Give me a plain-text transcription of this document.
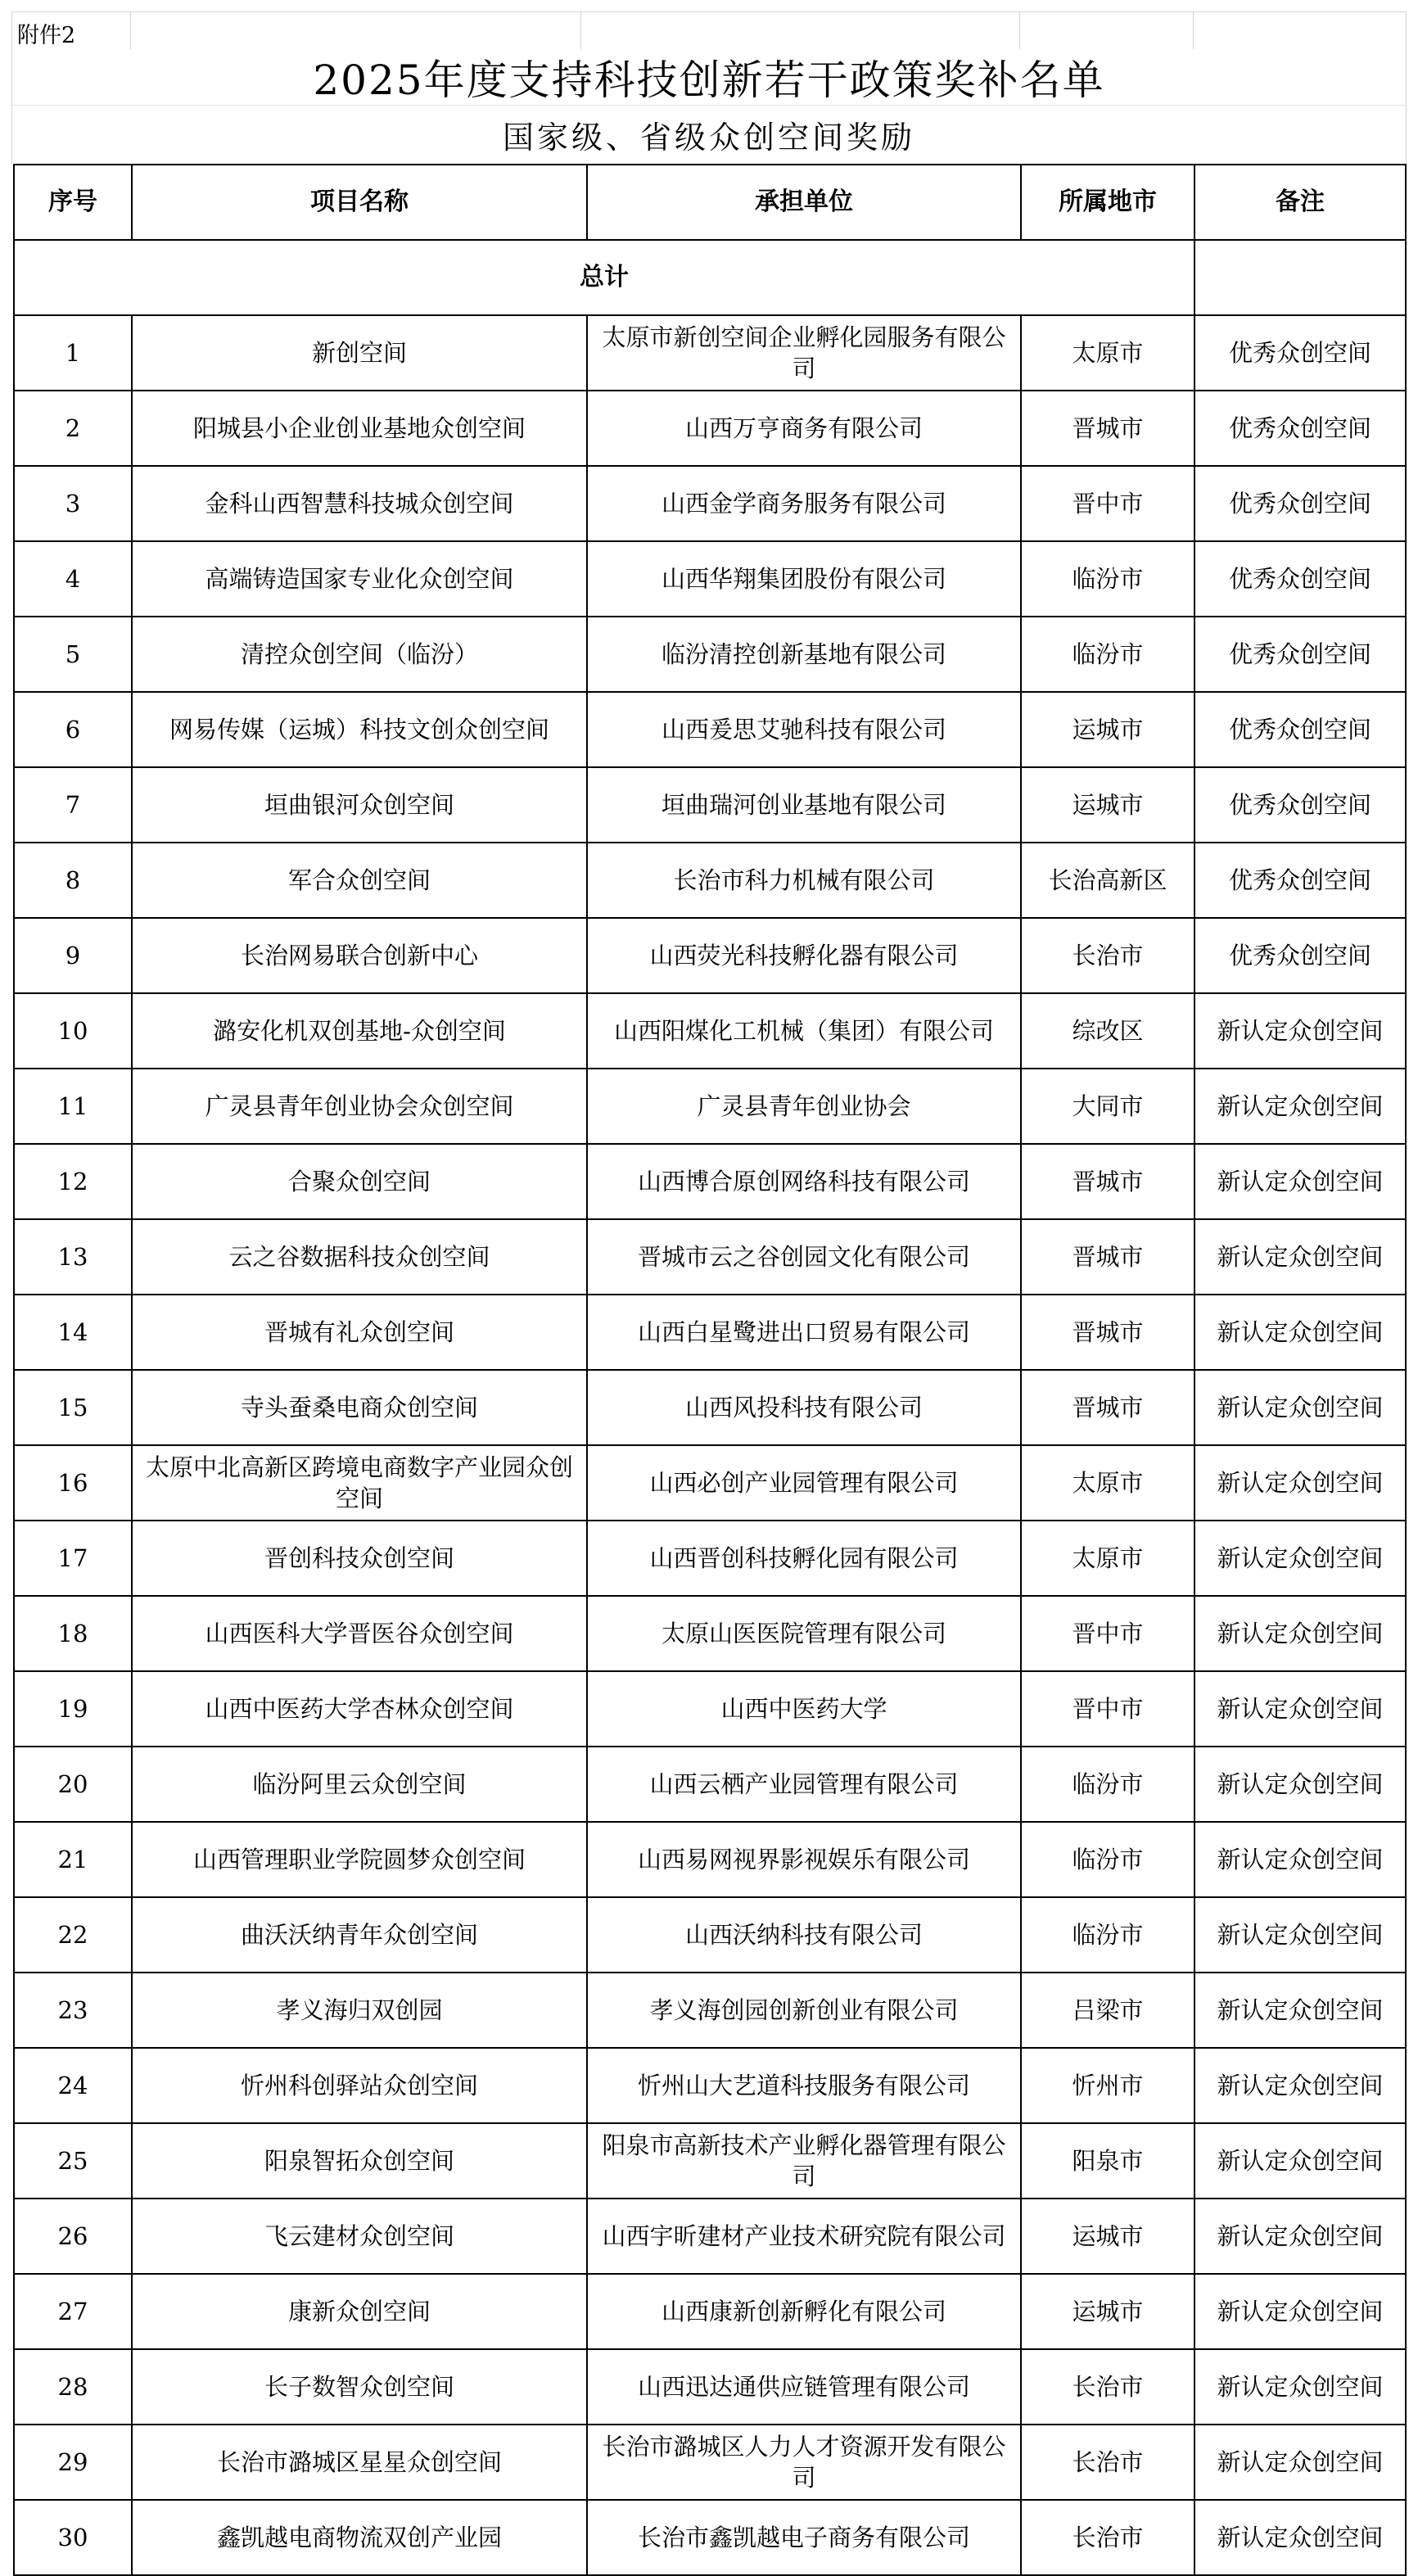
附件2
2025年度支持科技创新若干政策奖补名单
国家级、省级众创空间奖励
序号	项目名称	承担单位	所属地市	备注
总计				
1	新创空间	太原市新创空间企业孵化园服务有限公司	太原市	优秀众创空间
2	阳城县小企业创业基地众创空间	山西万亨商务有限公司	晋城市	优秀众创空间
3	金科山西智慧科技城众创空间	山西金学商务服务有限公司	晋中市	优秀众创空间
4	高端铸造国家专业化众创空间	山西华翔集团股份有限公司	临汾市	优秀众创空间
5	清控众创空间（临汾）	临汾清控创新基地有限公司	临汾市	优秀众创空间
6	网易传媒（运城）科技文创众创空间	山西爰思艾驰科技有限公司	运城市	优秀众创空间
7	垣曲银河众创空间	垣曲瑞河创业基地有限公司	运城市	优秀众创空间
8	军合众创空间	长治市科力机械有限公司	长治高新区	优秀众创空间
9	长治网易联合创新中心	山西荧光科技孵化器有限公司	长治市	优秀众创空间
10	潞安化机双创基地-众创空间	山西阳煤化工机械（集团）有限公司	综改区	新认定众创空间
11	广灵县青年创业协会众创空间	广灵县青年创业协会	大同市	新认定众创空间
12	合聚众创空间	山西博合原创网络科技有限公司	晋城市	新认定众创空间
13	云之谷数据科技众创空间	晋城市云之谷创园文化有限公司	晋城市	新认定众创空间
14	晋城有礼众创空间	山西白星鹭进出口贸易有限公司	晋城市	新认定众创空间
15	寺头蚕桑电商众创空间	山西风投科技有限公司	晋城市	新认定众创空间
16	太原中北高新区跨境电商数字产业园众创空间	山西必创产业园管理有限公司	太原市	新认定众创空间
17	晋创科技众创空间	山西晋创科技孵化园有限公司	太原市	新认定众创空间
18	山西医科大学晋医谷众创空间	太原山医医院管理有限公司	晋中市	新认定众创空间
19	山西中医药大学杏林众创空间	山西中医药大学	晋中市	新认定众创空间
20	临汾阿里云众创空间	山西云栖产业园管理有限公司	临汾市	新认定众创空间
21	山西管理职业学院圆梦众创空间	山西易网视界影视娱乐有限公司	临汾市	新认定众创空间
22	曲沃沃纳青年众创空间	山西沃纳科技有限公司	临汾市	新认定众创空间
23	孝义海归双创园	孝义海创园创新创业有限公司	吕梁市	新认定众创空间
24	忻州科创驿站众创空间	忻州山大艺道科技服务有限公司	忻州市	新认定众创空间
25	阳泉智拓众创空间	阳泉市高新技术产业孵化器管理有限公司	阳泉市	新认定众创空间
26	飞云建材众创空间	山西宇昕建材产业技术研究院有限公司	运城市	新认定众创空间
27	康新众创空间	山西康新创新孵化有限公司	运城市	新认定众创空间
28	长子数智众创空间	山西迅达通供应链管理有限公司	长治市	新认定众创空间
29	长治市潞城区星星众创空间	长治市潞城区人力人才资源开发有限公司	长治市	新认定众创空间
30	鑫凯越电商物流双创产业园	长治市鑫凯越电子商务有限公司	长治市	新认定众创空间
